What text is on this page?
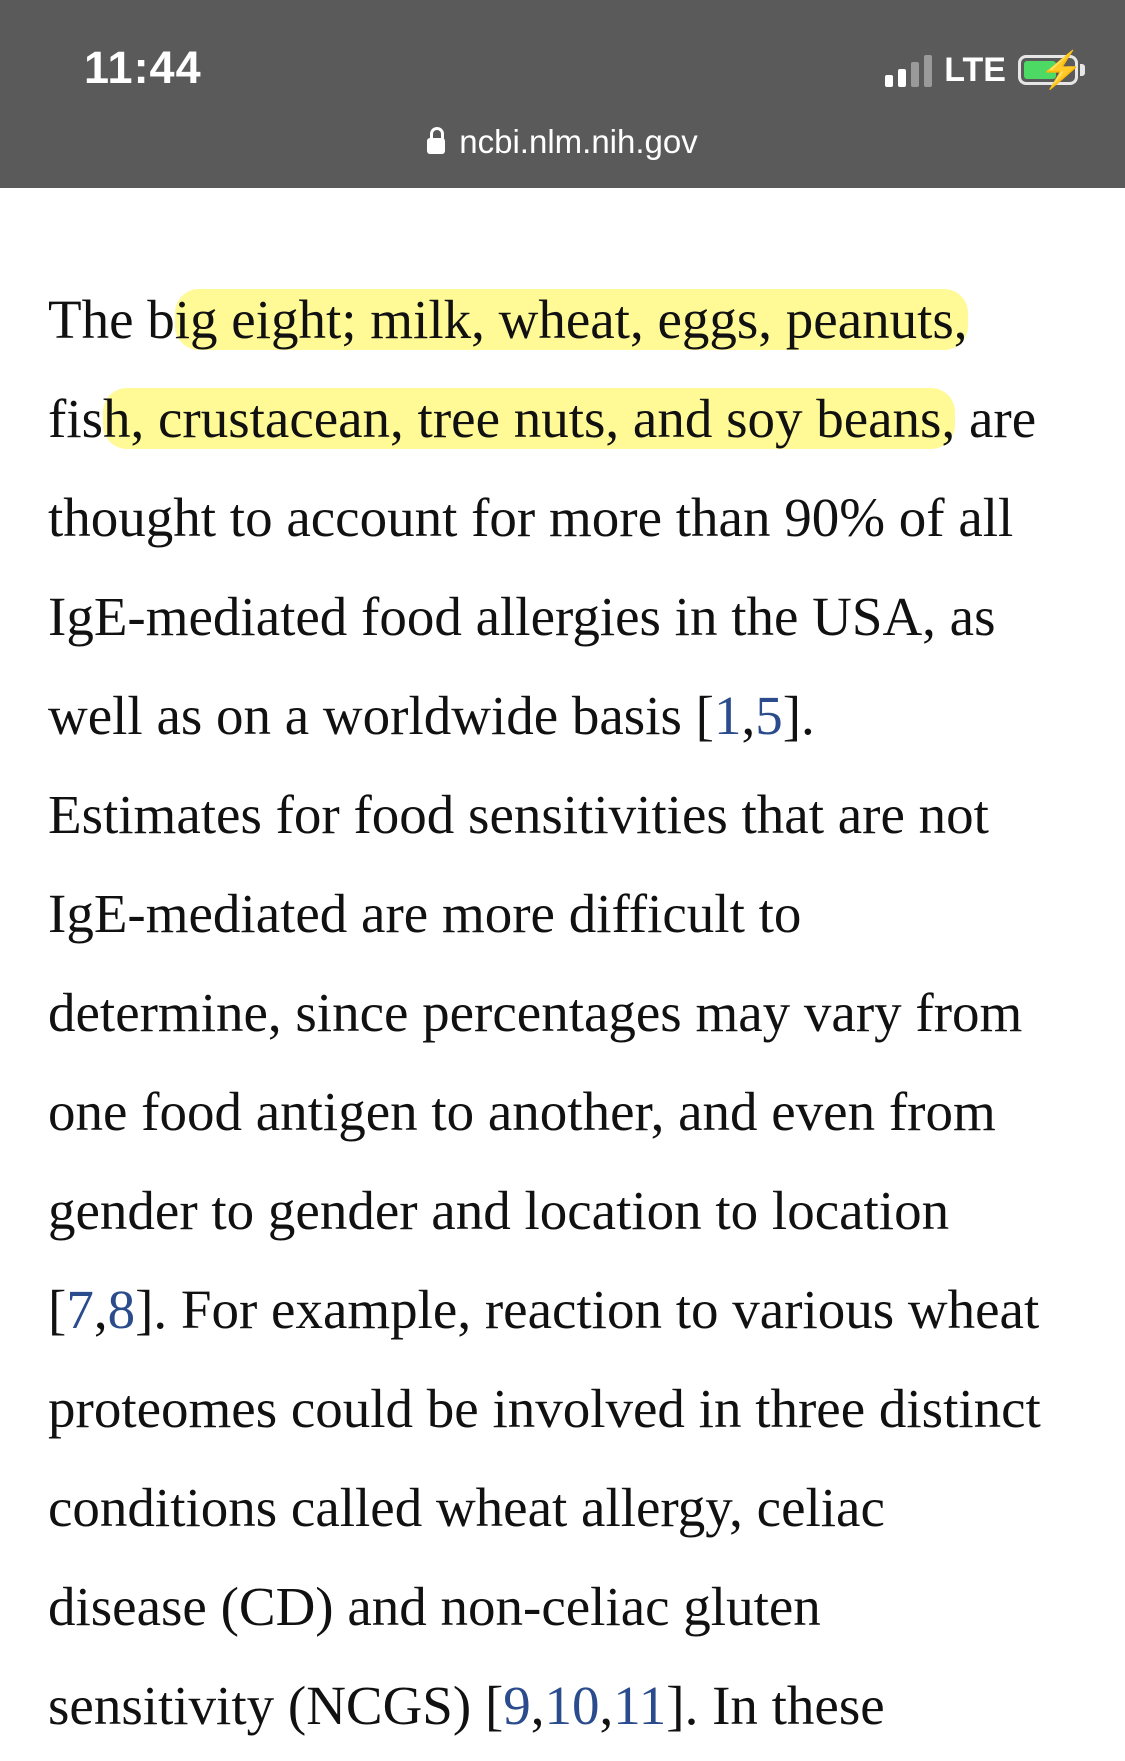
11:44	LTE ⚡
ncbi.nlm.nih.gov

The big eight; milk, wheat, eggs, peanuts,
fish, crustacean, tree nuts, and soy beans, are
thought to account for more than 90% of all
IgE-mediated food allergies in the USA, as
well as on a worldwide basis [1,5].
Estimates for food sensitivities that are not
IgE-mediated are more difficult to
determine, since percentages may vary from
one food antigen to another, and even from
gender to gender and location to location
[7,8]. For example, reaction to various wheat
proteomes could be involved in three distinct
conditions called wheat allergy, celiac
disease (CD) and non-celiac gluten
sensitivity (NCGS) [9,10,11]. In these
